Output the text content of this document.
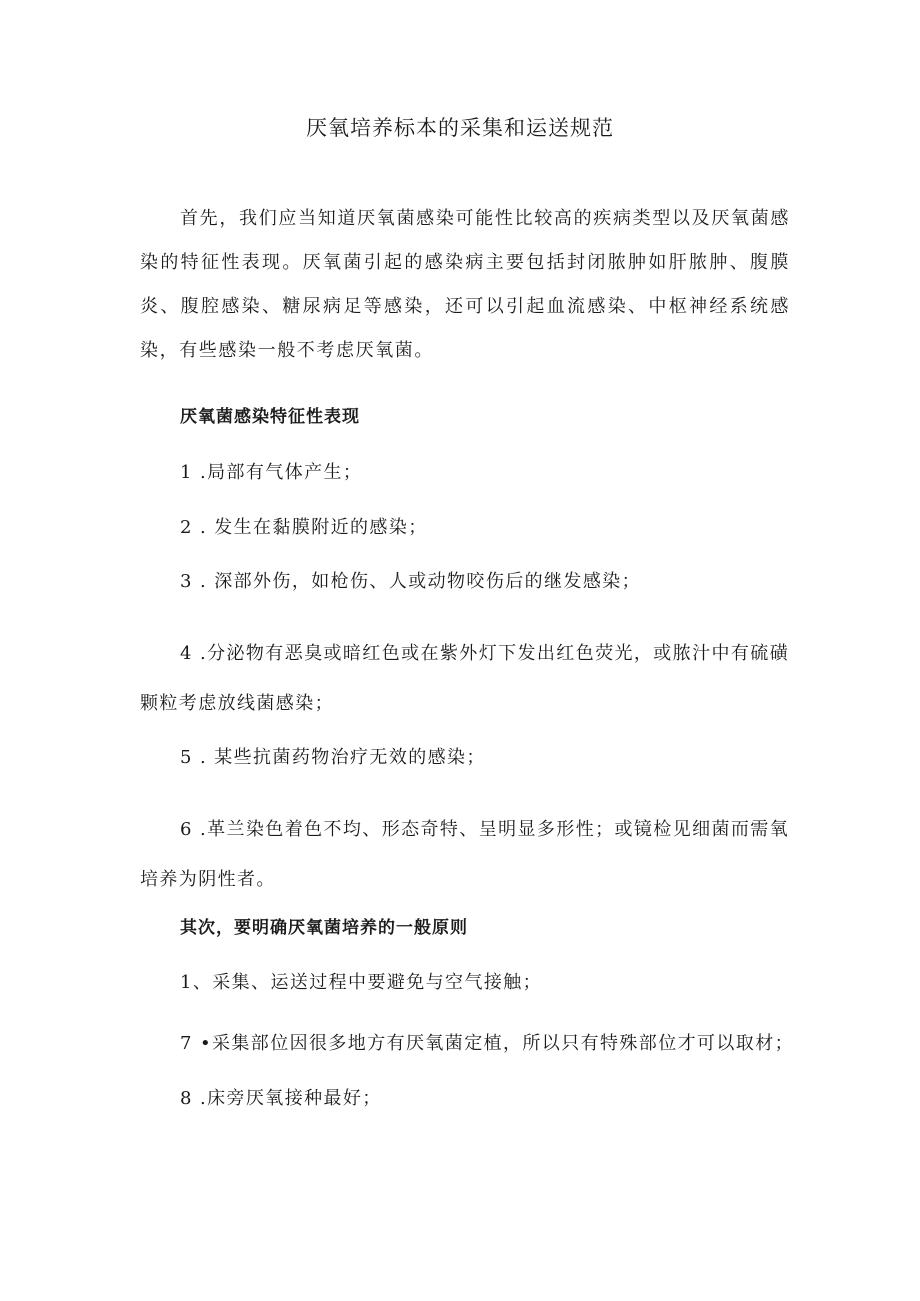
厌氧培养标本的采集和运送规范

首先，我们应当知道厌氧菌感染可能性比较高的疾病类型以及厌氧菌感染的特征性表现。厌氧菌引起的感染病主要包括封闭脓肿如肝脓肿、腹膜炎、腹腔感染、糖尿病足等感染，还可以引起血流感染、中枢神经系统感染，有些感染一般不考虑厌氧菌。

厌氧菌感染特征性表现

1 .局部有气体产生；

2 . 发生在黏膜附近的感染；

3 . 深部外伤，如枪伤、人或动物咬伤后的继发感染；

4 .分泌物有恶臭或暗红色或在紫外灯下发出红色荧光，或脓汁中有硫磺颗粒考虑放线菌感染；

5 . 某些抗菌药物治疗无效的感染；

6 .革兰染色着色不均、形态奇特、呈明显多形性；或镜检见细菌而需氧培养为阴性者。

其次，要明确厌氧菌培养的一般原则

1、采集、运送过程中要避免与空气接触；

7 •采集部位因很多地方有厌氧菌定植，所以只有特殊部位才可以取材；

8 .床旁厌氧接种最好；
